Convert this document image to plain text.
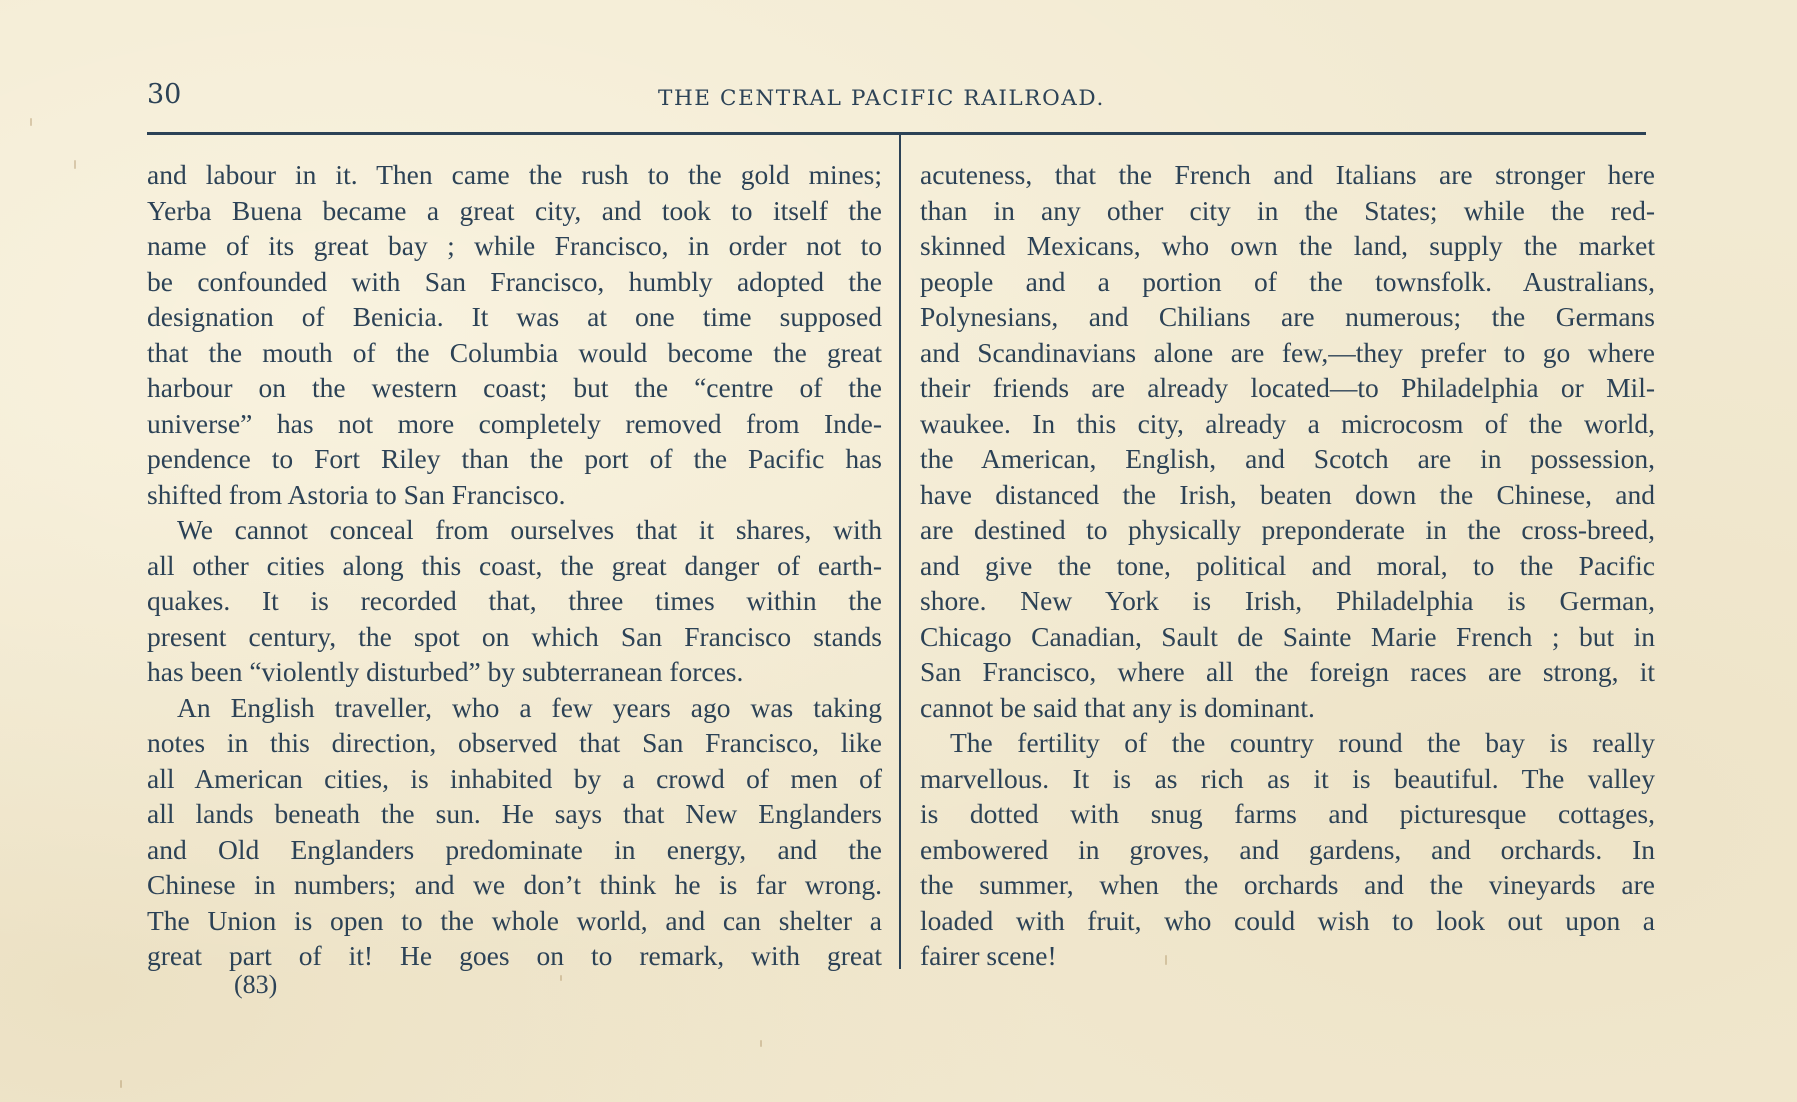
30	THE CENTRAL PACIFIC RAILROAD.
and labour in it. Then came the rush to the gold mines;
Yerba Buena became a great city, and took to itself the
name of its great bay ; while Francisco, in order not to
be confounded with San Francisco, humbly adopted the
designation of Benicia. It was at one time supposed
that the mouth of the Columbia would become the great
harbour on the western coast; but the “centre of the
universe” has not more completely removed from Inde-
pendence to Fort Riley than the port of the Pacific has
shifted from Astoria to San Francisco.
We cannot conceal from ourselves that it shares, with
all other cities along this coast, the great danger of earth-
quakes. It is recorded that, three times within the
present century, the spot on which San Francisco stands
has been “violently disturbed” by subterranean forces.
An English traveller, who a few years ago was taking
notes in this direction, observed that San Francisco, like
all American cities, is inhabited by a crowd of men of
all lands beneath the sun. He says that New Englanders
and Old Englanders predominate in energy, and the
Chinese in numbers; and we don’t think he is far wrong.
The Union is open to the whole world, and can shelter a
great part of it! He goes on to remark, with great
acuteness, that the French and Italians are stronger here
than in any other city in the States; while the red-
skinned Mexicans, who own the land, supply the market
people and a portion of the townsfolk. Australians,
Polynesians, and Chilians are numerous; the Germans
and Scandinavians alone are few,—they prefer to go where
their friends are already located—to Philadelphia or Mil-
waukee. In this city, already a microcosm of the world,
the American, English, and Scotch are in possession,
have distanced the Irish, beaten down the Chinese, and
are destined to physically preponderate in the cross-breed,
and give the tone, political and moral, to the Pacific
shore. New York is Irish, Philadelphia is German,
Chicago Canadian, Sault de Sainte Marie French ; but in
San Francisco, where all the foreign races are strong, it
cannot be said that any is dominant.
The fertility of the country round the bay is really
marvellous. It is as rich as it is beautiful. The valley
is dotted with snug farms and picturesque cottages,
embowered in groves, and gardens, and orchards. In
the summer, when the orchards and the vineyards are
loaded with fruit, who could wish to look out upon a
fairer scene!
(83)
